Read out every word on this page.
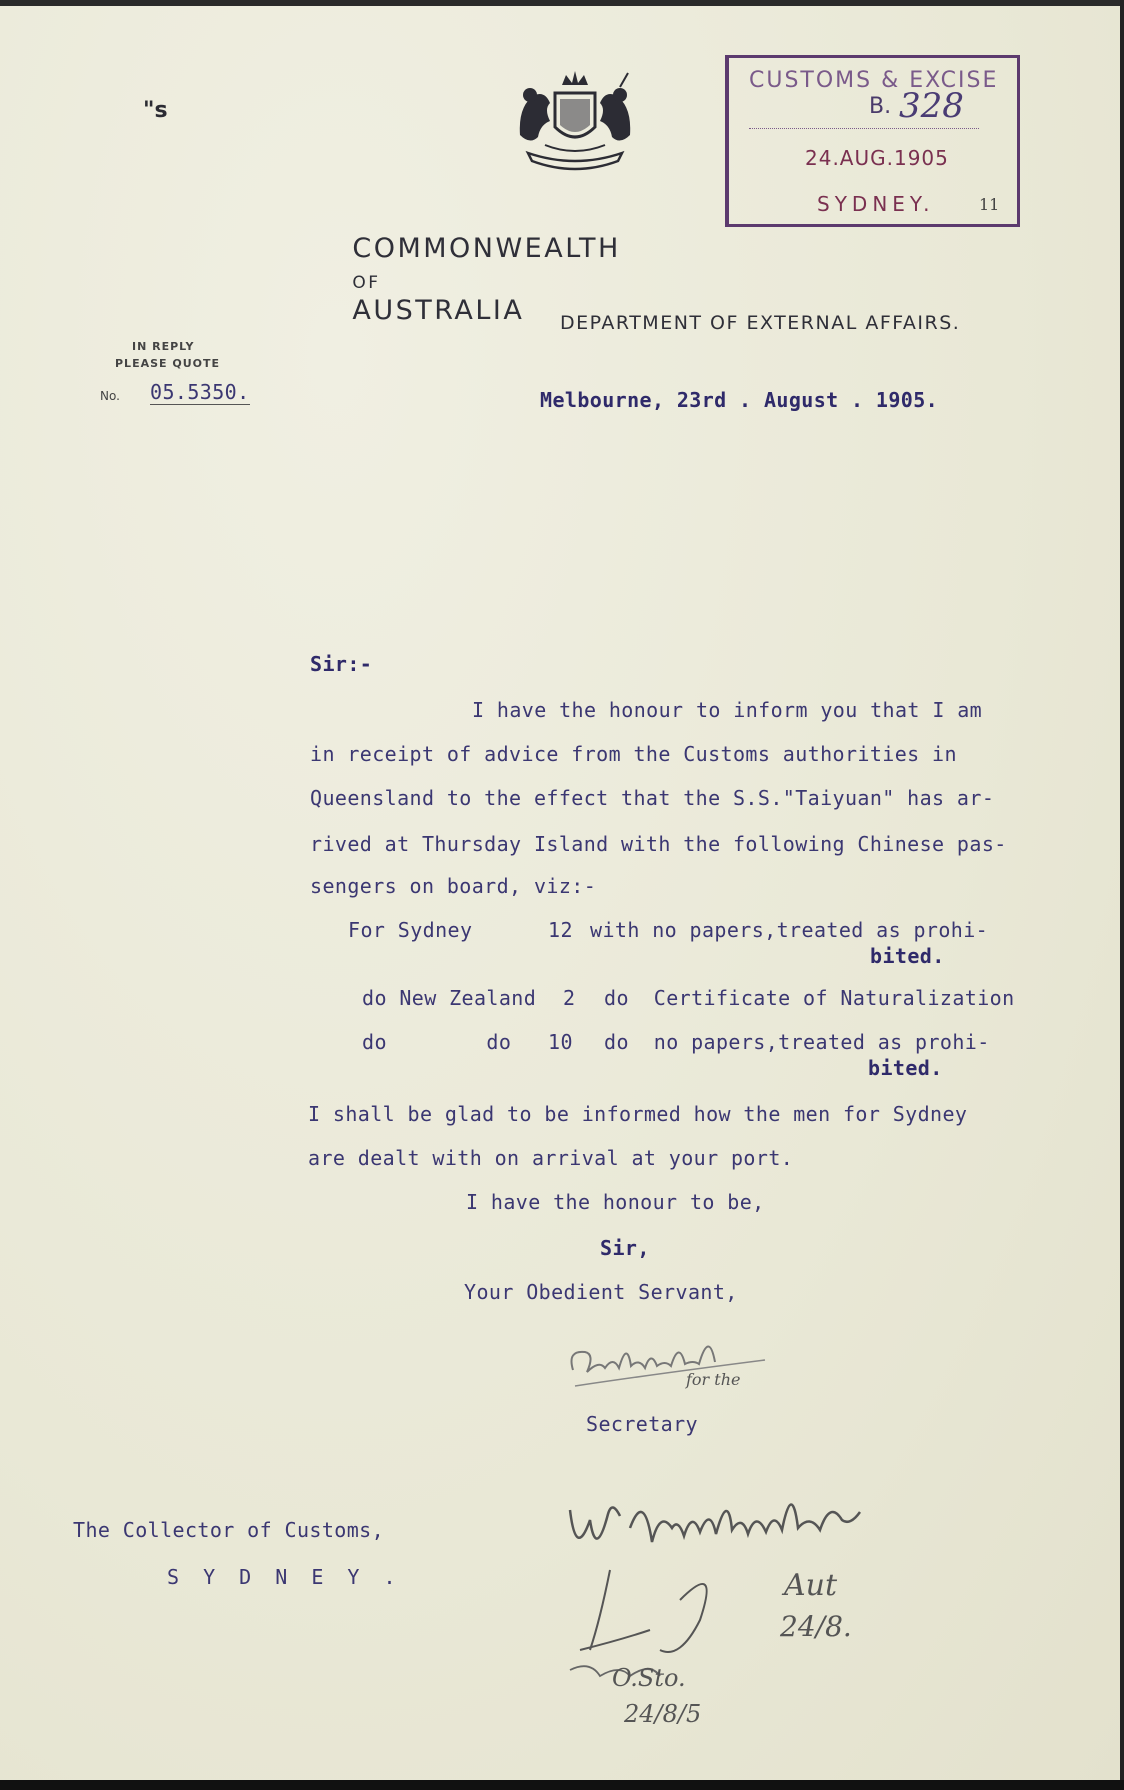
"s
CUSTOMS & EXCISE
B. 328
24.AUG.1905
SYDNEY.	11

COMMONWEALTH
OF
AUSTRALIA
	DEPARTMENT OF EXTERNAL AFFAIRS.
IN REPLY
PLEASE QUOTE
No. 05.5350.	Melbourne, 23rd . August . 1905.
Sir:-
I have the honour to inform you that I am
in receipt of advice from the Customs authorities in
Queensland to the effect that the S.S."Taiyuan" has ar-
rived at Thursday Island with the following Chinese pas-
sengers on board, viz:-
For Sydney	12 with no papers,treated as prohi-
bited.
do New Zealand 2 do  Certificate of Naturalization
do        do 10 do  no papers,treated as prohi-
bited.
I shall be glad to be informed how the men for Sydney
are dealt with on arrival at your port.
I have the honour to be,
Sir,
Your Obedient Servant,
for the
Secretary
The Collector of Customs,
S Y D N E Y .
O.Sto.
24/8/5
Aut
24/8.
